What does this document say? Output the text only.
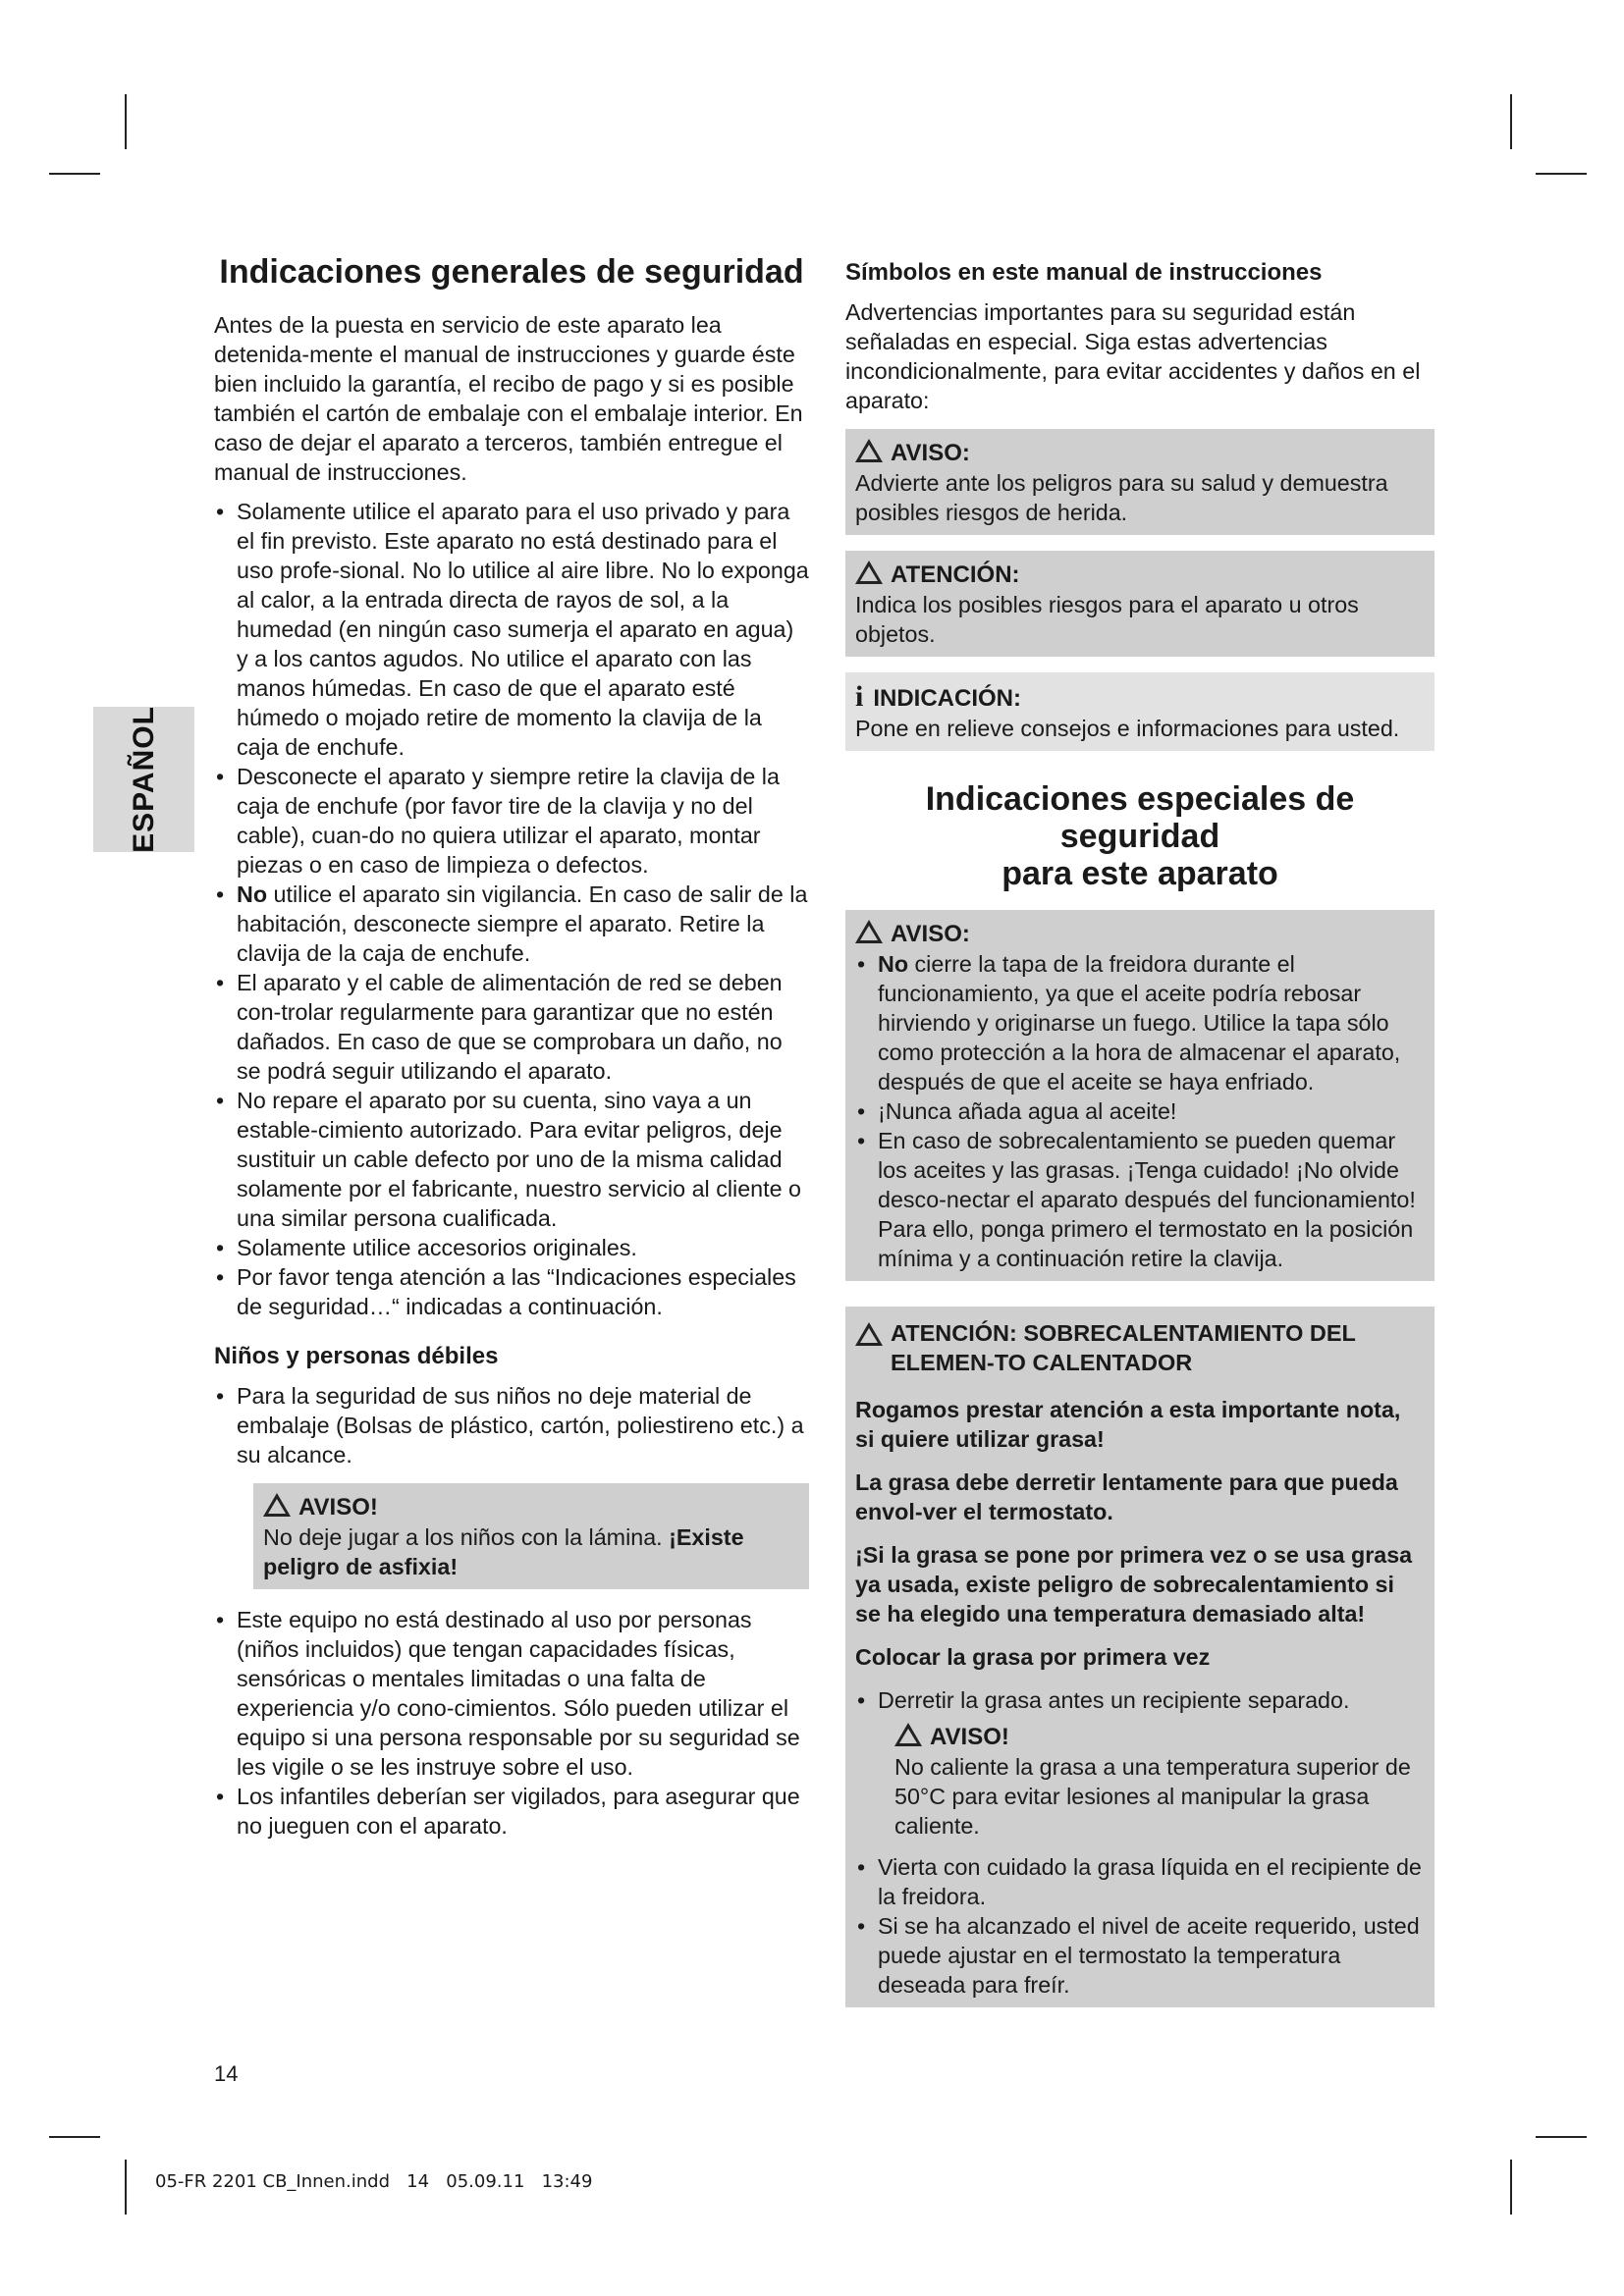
ESPAÑOL
Indicaciones generales de seguridad

Antes de la puesta en servicio de este aparato lea detenida-mente el manual de instrucciones y guarde éste bien incluido la garantía, el recibo de pago y si es posible también el cartón de embalaje con el embalaje interior. En caso de dejar el aparato a terceros, también entregue el manual de instrucciones.

• Solamente utilice el aparato para el uso privado y para el fin previsto. Este aparato no está destinado para el uso profe-sional. No lo utilice al aire libre. No lo exponga al calor, a la entrada directa de rayos de sol, a la humedad (en ningún caso sumerja el aparato en agua) y a los cantos agudos. No utilice el aparato con las manos húmedas. En caso de que el aparato esté húmedo o mojado retire de momento la clavija de la caja de enchufe.
• Desconecte el aparato y siempre retire la clavija de la caja de enchufe (por favor tire de la clavija y no del cable), cuan-do no quiera utilizar el aparato, montar piezas o en caso de limpieza o defectos.
• No utilice el aparato sin vigilancia. En caso de salir de la habitación, desconecte siempre el aparato. Retire la clavija de la caja de enchufe.
• El aparato y el cable de alimentación de red se deben con-trolar regularmente para garantizar que no estén dañados. En caso de que se comprobara un daño, no se podrá seguir utilizando el aparato.
• No repare el aparato por su cuenta, sino vaya a un estable-cimiento autorizado. Para evitar peligros, deje sustituir un cable defecto por uno de la misma calidad solamente por el fabricante, nuestro servicio al cliente o una similar persona cualificada.
• Solamente utilice accesorios originales.
• Por favor tenga atención a las “Indicaciones especiales de seguridad…“ indicadas a continuación.
Niños y personas débiles
• Para la seguridad de sus niños no deje material de embalaje (Bolsas de plástico, cartón, poliestireno etc.) a su alcance.
AVISO!

No deje jugar a los niños con la lámina. ¡Existe peligro de asfixia!

• Este equipo no está destinado al uso por personas (niños incluidos) que tengan capacidades físicas, sensóricas o mentales limitadas o una falta de experiencia y/o cono-cimientos. Sólo pueden utilizar el equipo si una persona responsable por su seguridad se les vigile o se les instruye sobre el uso.
• Los infantiles deberían ser vigilados, para asegurar que no jueguen con el aparato.
Símbolos en este manual de instrucciones

Advertencias importantes para su seguridad están señaladas en especial. Siga estas advertencias incondicionalmente, para evitar accidentes y daños en el aparato:

AVISO:

Advierte ante los peligros para su salud y demuestra posibles riesgos de herida.

ATENCIÓN:

Indica los posibles riesgos para el aparato u otros objetos.

i INDICACIÓN:

Pone en relieve consejos e informaciones para usted.

Indicaciones especiales de seguridad
para este aparato
AVISO:
• No cierre la tapa de la freidora durante el funcionamiento, ya que el aceite podría rebosar hirviendo y originarse un fuego. Utilice la tapa sólo como protección a la hora de almacenar el aparato, después de que el aceite se haya enfriado.
• ¡Nunca añada agua al aceite!
• En caso de sobrecalentamiento se pueden quemar los aceites y las grasas. ¡Tenga cuidado! ¡No olvide desco-nectar el aparato después del funcionamiento! Para ello, ponga primero el termostato en la posición mínima y a continuación retire la clavija.
ATENCIÓN: SOBRECALENTAMIENTO DEL ELEMEN-TO CALENTADOR

Rogamos prestar atención a esta importante nota, si quiere utilizar grasa!

La grasa debe derretir lentamente para que pueda envol-ver el termostato.

¡Si la grasa se pone por primera vez o se usa grasa ya usada, existe peligro de sobrecalentamiento si se ha elegido una temperatura demasiado alta!

Colocar la grasa por primera vez

• Derretir la grasa antes un recipiente separado.
AVISO!

No caliente la grasa a una temperatura superior de 50°C para evitar lesiones al manipular la grasa caliente.

• Vierta con cuidado la grasa líquida en el recipiente de la freidora.
• Si se ha alcanzado el nivel de aceite requerido, usted puede ajustar en el termostato la temperatura deseada para freír.
14
05-FR 2201 CB_Innen.indd   14   05.09.11   13:49
